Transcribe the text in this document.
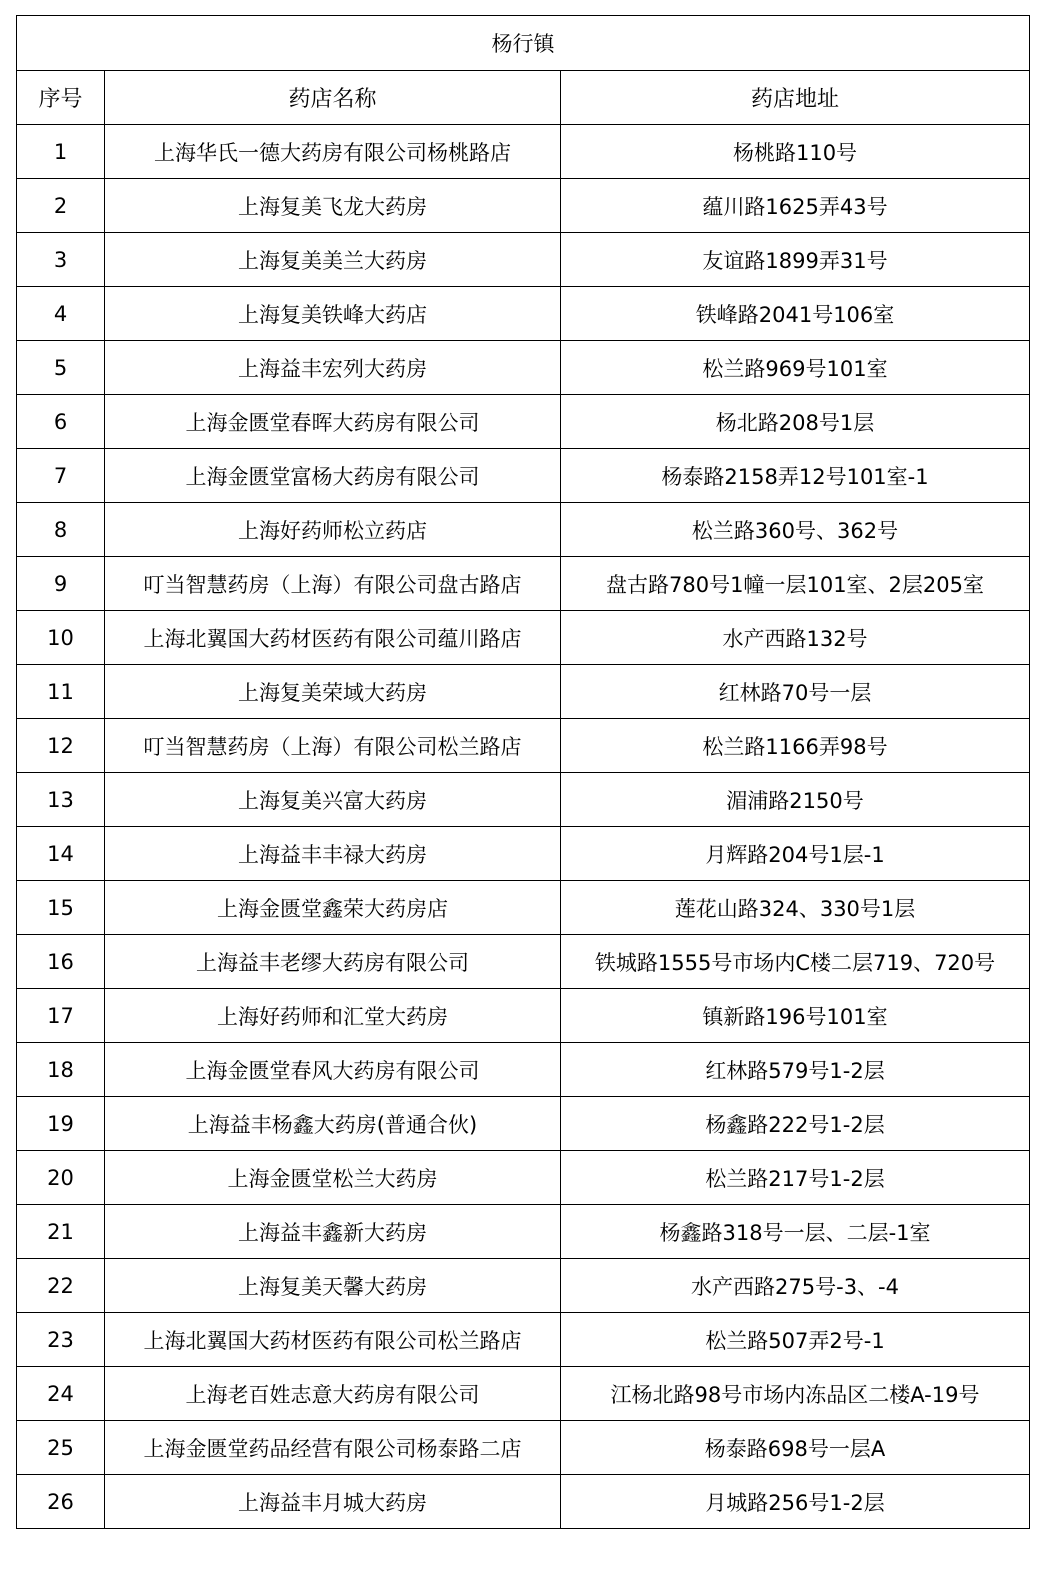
杨行镇		
序号	药店名称	药店地址
1	上海华氏一德大药房有限公司杨桃路店	杨桃路110号
2	上海复美飞龙大药房	蕴川路1625弄43号
3	上海复美美兰大药房	友谊路1899弄31号
4	上海复美铁峰大药店	铁峰路2041号106室
5	上海益丰宏列大药房	松兰路969号101室
6	上海金匮堂春晖大药房有限公司	杨北路208号1层
7	上海金匮堂富杨大药房有限公司	杨泰路2158弄12号101室-1
8	上海好药师松立药店	松兰路360号、362号
9	叮当智慧药房（上海）有限公司盘古路店	盘古路780号1幢一层101室、2层205室
10	上海北翼国大药材医药有限公司蕴川路店	水产西路132号
11	上海复美荣域大药房	红林路70号一层
12	叮当智慧药房（上海）有限公司松兰路店	松兰路1166弄98号
13	上海复美兴富大药房	湄浦路2150号
14	上海益丰丰禄大药房	月辉路204号1层-1
15	上海金匮堂鑫荣大药房店	莲花山路324、330号1层
16	上海益丰老缪大药房有限公司	铁城路1555号市场内C楼二层719、720号
17	上海好药师和汇堂大药房	镇新路196号101室
18	上海金匮堂春风大药房有限公司	红林路579号1-2层
19	上海益丰杨鑫大药房(普通合伙)	杨鑫路222号1-2层
20	上海金匮堂松兰大药房	松兰路217号1-2层
21	上海益丰鑫新大药房	杨鑫路318号一层、二层-1室
22	上海复美天馨大药房	水产西路275号-3、-4
23	上海北翼国大药材医药有限公司松兰路店	松兰路507弄2号-1
24	上海老百姓志意大药房有限公司	江杨北路98号市场内冻品区二楼A-19号
25	上海金匮堂药品经营有限公司杨泰路二店	杨泰路698号一层A
26	上海益丰月城大药房	月城路256号1-2层
